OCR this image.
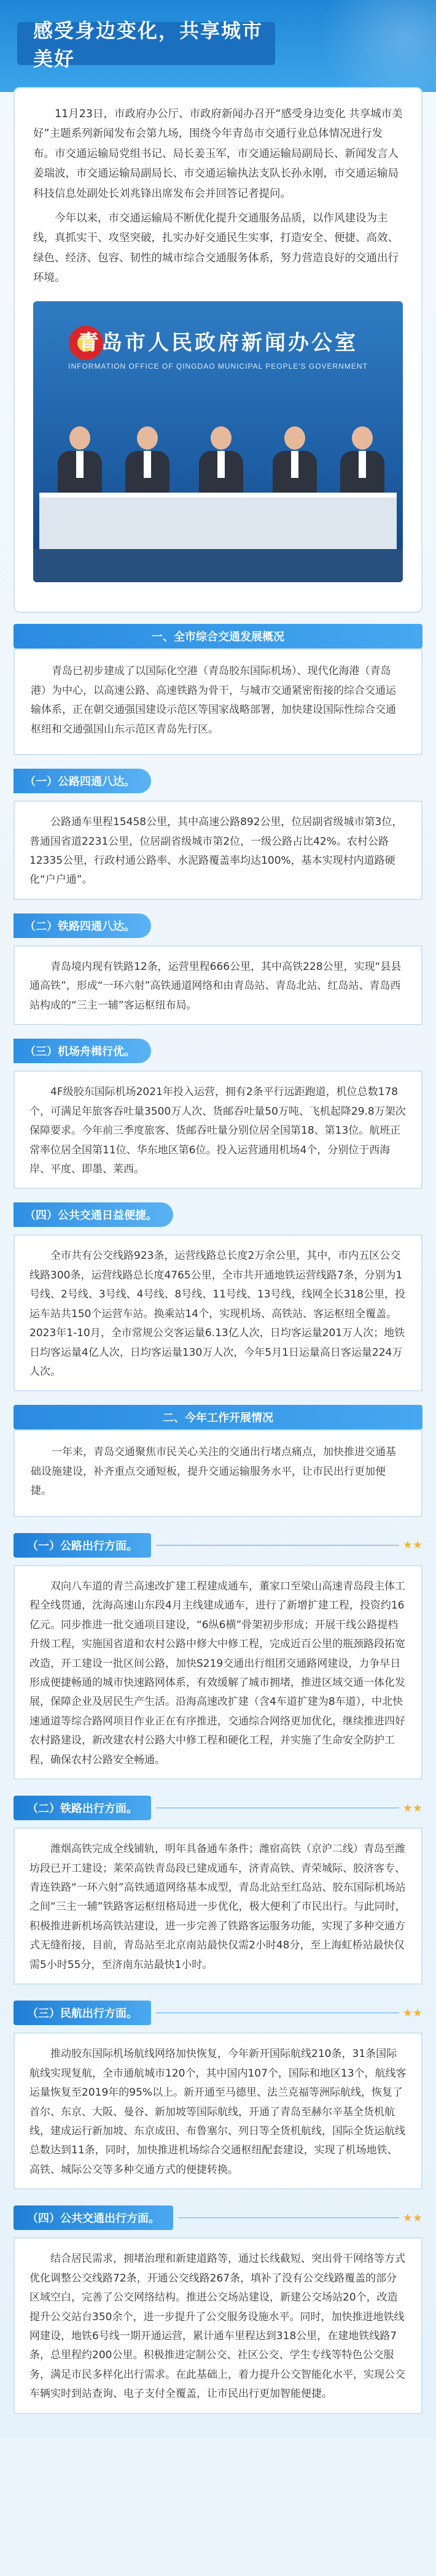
感受身边变化，共享城市美好

11月23日，市政府办公厅、市政府新闻办召开“感受身边变化 共享城市美好”主题系列新闻发布会第九场，围绕今年青岛市交通行业总体情况进行发布。市交通运输局党组书记、局长姜玉军，市交通运输局副局长、新闻发言人姜瑞波，市交通运输局副局长、市交通运输执法支队长孙永刚，市交通运输局科技信息处副处长刘兆锋出席发布会并回答记者提问。

今年以来，市交通运输局不断优化提升交通服务品质，以作风建设为主线，真抓实干、攻坚突破，扎实办好交通民生实事，打造安全、便捷、高效、绿色、经济、包容、韧性的城市综合交通服务体系，努力营造良好的交通出行环境。

青岛市人民政府新闻办公室
INFORMATION OFFICE OF QINGDAO MUNICIPAL PEOPLE'S GOVERNMENT
一、全市综合交通发展概况

青岛已初步建成了以国际化空港（青岛胶东国际机场）、现代化海港（青岛港）为中心，以高速公路、高速铁路为骨干，与城市交通紧密衔接的综合交通运输体系，正在朝交通强国建设示范区等国家战略部署，加快建设国际性综合交通枢纽和交通强国山东示范区青岛先行区。

（一）公路四通八达。

公路通车里程15458公里，其中高速公路892公里，位居副省级城市第3位，普通国省道2231公里，位居副省级城市第2位，一级公路占比42%。农村公路12335公里，行政村通公路率、水泥路覆盖率均达100%，基本实现村内道路硬化“户户通”。

（二）铁路四通八达。

青岛境内现有铁路12条，运营里程666公里，其中高铁228公里，实现“县县通高铁”，形成“一环六射”高铁通道网络和由青岛站、青岛北站、红岛站、青岛西站构成的“三主一辅”客运枢纽布局。

（三）机场舟楫行优。

4F级胶东国际机场2021年投入运营，拥有2条平行远距跑道，机位总数178个，可满足年旅客吞吐量3500万人次、货邮吞吐量50万吨、飞机起降29.8万架次保障要求。今年前三季度旅客、货邮吞吐量分别位居全国第18、第13位。航班正常率位居全国第11位、华东地区第6位。投入运营通用机场4个，分别位于西海岸、平度、即墨、莱西。

（四）公共交通日益便捷。

全市共有公交线路923条，运营线路总长度2万余公里，其中，市内五区公交线路300条，运营线路总长度4765公里，全市共开通地铁运营线路7条，分别为1号线、2号线、3号线、4号线、8号线、11号线、13号线，线网全长318公里，投运车站共150个运营车站。换乘站14个，实现机场、高铁站、客运枢纽全覆盖。2023年1-10月，全市常规公交客运量6.13亿人次，日均客运量201万人次；地铁日均客运量4亿人次，日均客运量130万人次，今年5月1日运量高日客运量224万人次。

二、今年工作开展情况

一年来，青岛交通聚焦市民关心关注的交通出行堵点痛点，加快推进交通基础设施建设，补齐重点交通短板，提升交通运输服务水平，让市民出行更加便捷。

（一）公路出行方面。	★★

双向八车道的青兰高速改扩建工程建成通车，董家口至梁山高速青岛段主体工程全线贯通，沈海高速山东段4月主线建成通车，进行了新增扩建工程，投资约16亿元。同步推进一批交通项目建设，“6纵6横”骨架初步形成；开展干线公路提档升级工程，实施国省道和农村公路中修大中修工程，完成近百公里的瓶颈路段拓宽改造，开工建设一批区间公路，加快S219交通出行组团交通路网建设，力争早日形成便捷畅通的城市快速路网体系，有效缓解了城市拥堵，推进区域交通一体化发展，保障企业及居民生产生活。沿海高速改扩建（含4车道扩建为8车道），中北快速通道等综合路网项目作业正在有序推进，交通综合网络更加优化，继续推进四好农村路建设，新改建农村公路大中修工程和硬化工程，并实施了生命安全防护工程，确保农村公路安全畅通。

（二）铁路出行方面。	★★

潍烟高铁完成全线铺轨，明年具备通车条件；潍宿高铁（京沪二线）青岛至潍坊段已开工建设；莱荣高铁青岛段已建成通车，济青高铁、青荣城际、胶济客专、青连铁路“一环六射”高铁通道网络基本成型，青岛北站至红岛站、胶东国际机场站之间“三主一辅”铁路客运枢纽格局进一步优化，极大便利了市民出行。与此同时，积极推进新机场高铁站建设，进一步完善了铁路客运服务功能，实现了多种交通方式无缝衔接，目前，青岛站至北京南站最快仅需2小时48分，至上海虹桥站最快仅需5小时55分，至济南东站最快1小时。

（三）民航出行方面。	★★

推动胶东国际机场航线网络加快恢复，今年新开国际航线210条，31条国际航线实现复航，全市通航城市120个，其中国内107个，国际和地区13个，航线客运量恢复至2019年的95%以上。新开通至马德里、法兰克福等洲际航线，恢复了首尔、东京、大阪、曼谷、新加坡等国际航线，开通了青岛至赫尔辛基全货机航线，建成运行新加坡、东京成田、布鲁塞尔、列日等全货机航线，国际全货运航线总数达到11条，同时，加快推进机场综合交通枢纽配套建设，实现了机场地铁、高铁、城际公交等多种交通方式的便捷转换。

（四）公共交通出行方面。	★★

结合居民需求，拥堵治理和新建道路等，通过长线截短、突出骨干网络等方式优化调整公交线路72条，开通公交线路267条，填补了没有公交线路覆盖的部分区域空白，完善了公交网络结构。推进公交场站建设，新建公交场站20个，改造提升公交站台350余个，进一步提升了公交服务设施水平。同时，加快推进地铁线网建设，地铁6号线一期开通运营，累计通车里程达到318公里，在建地铁线路7条，总里程约200公里。积极推进定制公交、社区公交、学生专线等特色公交服务，满足市民多样化出行需求。在此基础上，着力提升公交智能化水平，实现公交车辆实时到站查询、电子支付全覆盖，让市民出行更加智能便捷。
